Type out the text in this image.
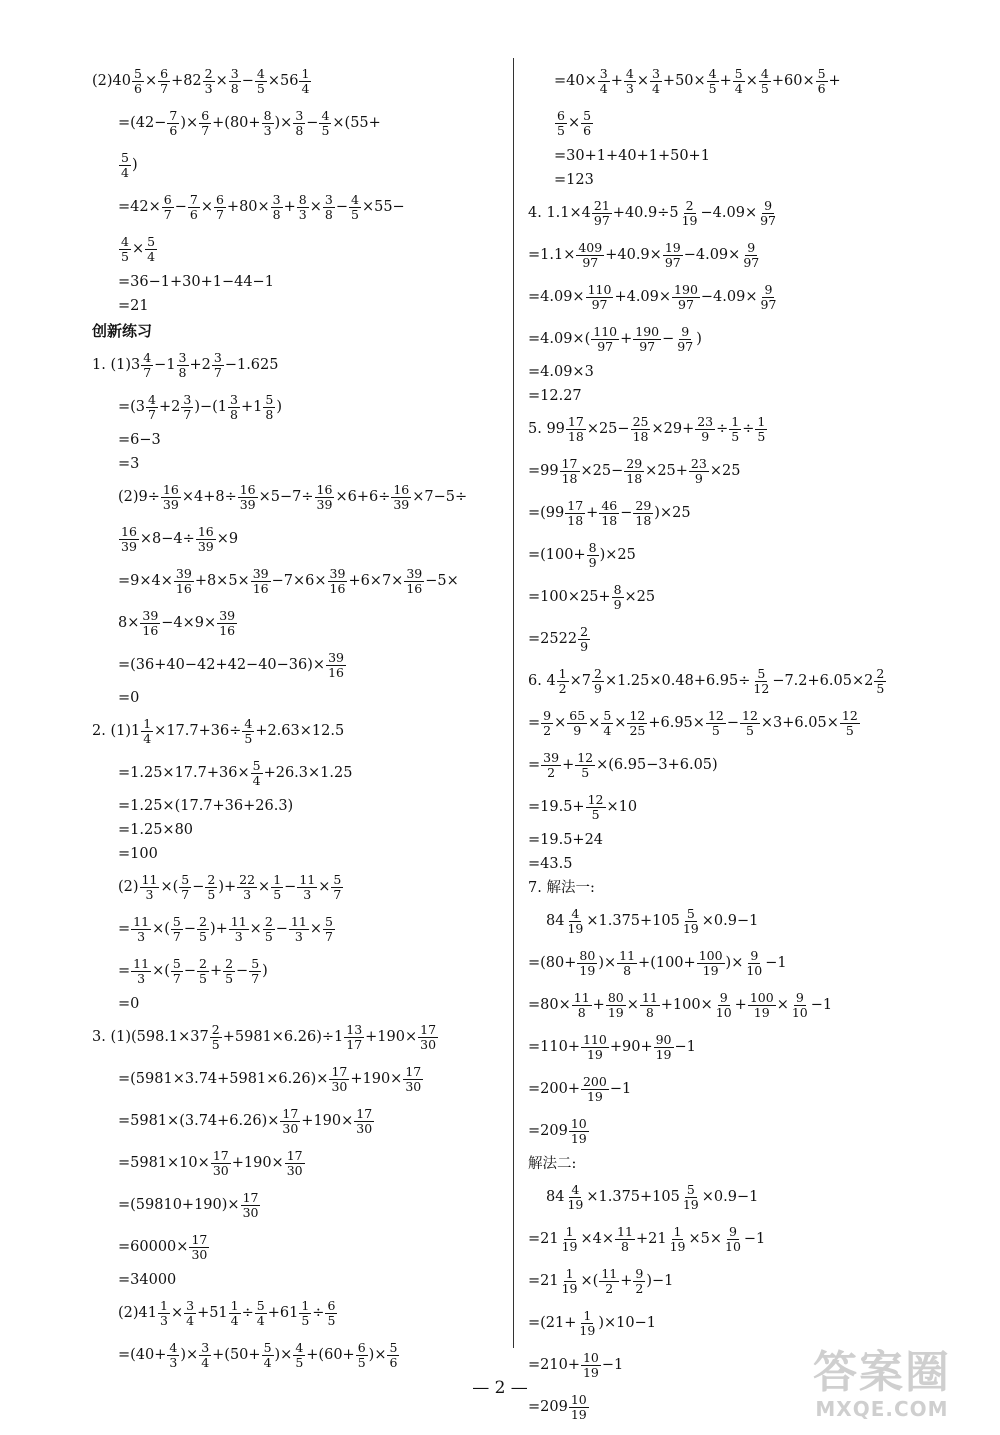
$(2)40 \frac{5}{6} \times \frac{6}{7} +82 \frac{2}{3} \times \frac{3}{8} - \frac{4}{5} \times 56 \frac{1}{4}$
$=(42- \frac{7}{6}$ )× $\frac{6}{7} +(80+ \frac{8}{3}$ )× $\frac{3}{8} - \frac{4}{5} \times(55+$
$\frac{5}{4}$ )
$=42\times \frac{6}{7} - \frac{7}{6} \times \frac{6}{7} +80\times \frac{3}{8} + \frac{8}{3} \times \frac{3}{8} - \frac{4}{5} \times 55-$
$\frac{4}{5} \times \frac{5}{4}$
=36−1+30+1−44−1
=21
创新练习
1. $(1)3 \frac{4}{7} -1 \frac{3}{8} +2 \frac{3}{7} -1.625$
$=(3 \frac{4}{7} +2 \frac{3}{7} )-(1 \frac{3}{8} +1 \frac{5}{8}$ )
=6−3
=3
$(2)9\div \frac{16}{39} \times 4+8\div \frac{16}{39} \times 5-7\div \frac{16}{39} \times 6+6\div \frac{16}{39} \times 7-5\div$
$\frac{16}{39} \times 8-4\div \frac{16}{39} \times 9$
$=9\times 4\times \frac{39}{16} +8\times 5\times \frac{39}{16} -7\times 6\times \frac{39}{16} +6\times 7\times \frac{39}{16} -5\times$
$8\times \frac{39}{16} -4\times 9\times \frac{39}{16}$
$=(36+40-42+42-40-36)\times \frac{39}{16}$
=0
2. $(1)1 \frac{1}{4} \times 17.7+36\div \frac{4}{5} +2.63\times 12.5$
$=1.25\times 17.7+36\times \frac{5}{4} +26.3\times 1.25$
=1.25×(17.7+36+26.3)
=1.25×80
=100
$(2) \frac{11}{3}$ ×( $\frac{5}{7} - \frac{2}{5}$ )+ $\frac{22}{3} \times \frac{1}{5} - \frac{11}{3} \times \frac{5}{7}$
= $\frac{11}{3}$ ×( $\frac{5}{7} - \frac{2}{5}$ )+ $\frac{11}{3} \times \frac{2}{5} - \frac{11}{3} \times \frac{5}{7}$
= $\frac{11}{3}$ ×( $\frac{5}{7} - \frac{2}{5} + \frac{2}{5} - \frac{5}{7}$ )
=0
3. $(1)(598.1\times 37 \frac{2}{5} +5981\times 6.26)\div 1 \frac{13}{17} +190\times \frac{17}{30}$
$=(5981\times 3.74+5981\times 6.26)\times \frac{17}{30} +190\times \frac{17}{30}$
$=5981\times(3.74+6.26)\times \frac{17}{30} +190\times \frac{17}{30}$
$=5981\times 10\times \frac{17}{30} +190\times \frac{17}{30}$
$=(59810+190)\times \frac{17}{30}$
$=60000\times \frac{17}{30}$
=34000
$(2)41 \frac{1}{3} \times \frac{3}{4} +51 \frac{1}{4} \div \frac{5}{4} +61 \frac{1}{5} \div \frac{6}{5}$
$=(40+ \frac{4}{3}$ )× $\frac{3}{4} +(50+ \frac{5}{4}$ )× $\frac{4}{5} +(60+ \frac{6}{5}$ )× $\frac{5}{6}$
$=40\times \frac{3}{4} + \frac{4}{3} \times \frac{3}{4} +50\times \frac{4}{5} + \frac{5}{4} \times \frac{4}{5} +60\times \frac{5}{6}$ +
$\frac{6}{5} \times \frac{5}{6}$
=30+1+40+1+50+1
=123
4. $1.1\times 4 \frac{21}{97} +40.9\div 5 \frac{2}{19} -4.09\times \frac{9}{97}$
$=1.1\times \frac{409}{97} +40.9\times \frac{19}{97} -4.09\times \frac{9}{97}$
$=4.09\times \frac{110}{97} +4.09\times \frac{190}{97} -4.09\times \frac{9}{97}$
$=4.09\times( \frac{110}{97} + \frac{190}{97} - \frac{9}{97}$ )
=4.09×3
=12.27
5. $99 \frac{17}{18} \times 25- \frac{25}{18} \times 29+ \frac{23}{9} \div \frac{1}{5} \div \frac{1}{5}$
$=99 \frac{17}{18} \times 25- \frac{29}{18} \times 25+ \frac{23}{9} \times 25$
$=(99 \frac{17}{18} + \frac{46}{18} - \frac{29}{18} )\times 25$
$=(100+ \frac{8}{9} )\times 25$
$=100\times 25+ \frac{8}{9} \times 25$
$=2522 \frac{2}{9}$
6. $4 \frac{1}{2} \times 7 \frac{2}{9} \times 1.25\times 0.48+6.95\div \frac{5}{12} -7.2+6.05\times 2 \frac{2}{5}$
= $\frac{9}{2} \times \frac{65}{9} \times \frac{5}{4} \times \frac{12}{25} +6.95\times \frac{12}{5} - \frac{12}{5} \times 3+6.05\times \frac{12}{5}$
= $\frac{39}{2} + \frac{12}{5} \times(6.95-3+6.05)$
$=19.5+ \frac{12}{5} \times 10$
=19.5+24
=43.5
7. 解法一:
$84 \frac{4}{19} \times 1.375+105 \frac{5}{19} \times 0.9-1$
$=(80+ \frac{80}{19}$ )× $\frac{11}{8} +(100+ \frac{100}{19}$ )× $\frac{9}{10} -1$
$=80\times \frac{11}{8} + \frac{80}{19} \times \frac{11}{8} +100\times \frac{9}{10} + \frac{100}{19} \times \frac{9}{10} -1$
$=110+ \frac{110}{19} +90+ \frac{90}{19} -1$
$=200+ \frac{200}{19} -1$
$=209 \frac{10}{19}$
解法二:
$84 \frac{4}{19} \times 1.375+105 \frac{5}{19} \times 0.9-1$
$=21 \frac{1}{19} \times 4\times \frac{11}{8} +21 \frac{1}{19} \times 5\times \frac{9}{10} -1$
$=21 \frac{1}{19}$ ×( $\frac{11}{2} + \frac{9}{2} )-1$
$=(21+ \frac{1}{19} )\times 10-1$
$=210+ \frac{10}{19} -1$
$=209 \frac{10}{19}$
— 2 —	答案圈
MXQE.COM
